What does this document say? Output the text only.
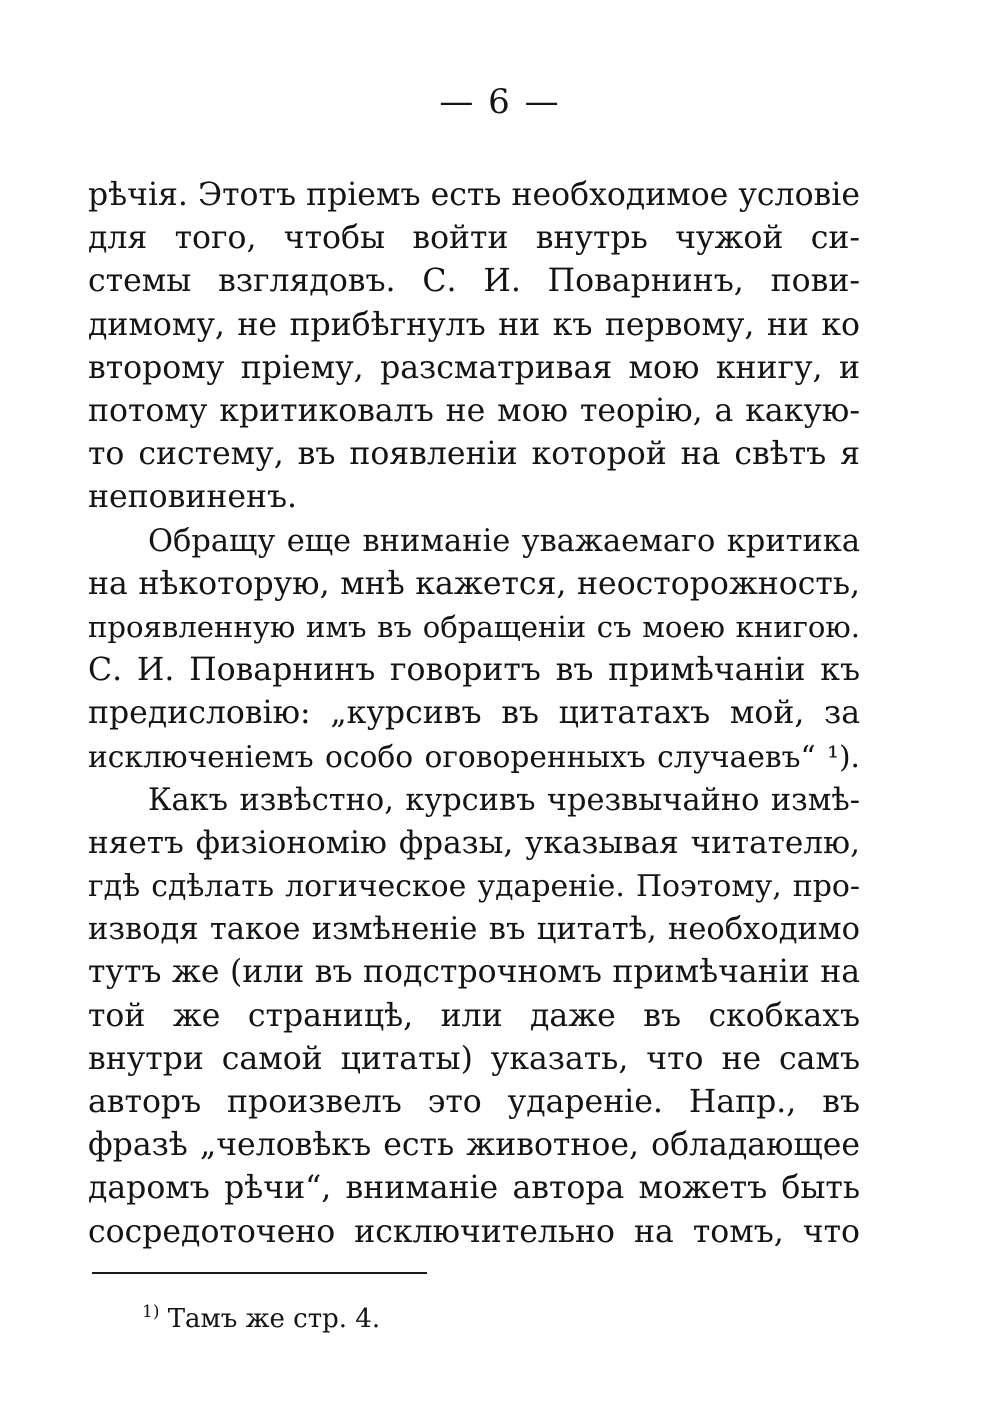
— 6 —
рѣчія. Этотъ пріемъ есть необходимое условіе
для того, чтобы войти внутрь чужой си-
стемы взглядовъ. С. И. Поварнинъ, пови-
димому, не прибѣгнулъ ни къ первому, ни ко
второму пріему, разсматривая мою книгу, и
потому критиковалъ не мою теорію, а какую-
то систему, въ появленіи которой на свѣтъ я
неповиненъ.
Обращу еще вниманіе уважаемаго критика
на нѣкоторую, мнѣ кажется, неосторожность,
проявленную имъ въ обращеніи съ моею книгою.
С. И. Поварнинъ говоритъ въ примѣчаніи къ
предисловію: „курсивъ въ цитатахъ мой, за
исключеніемъ особо оговоренныхъ случаевъ“ ¹).
Какъ извѣстно, курсивъ чрезвычайно измѣ-
няетъ физіономію фразы, указывая читателю,
гдѣ сдѣлать логическое удареніе. Поэтому, про-
изводя такое измѣненіе въ цитатѣ, необходимо
тутъ же (или въ подстрочномъ примѣчаніи на
той же страницѣ, или даже въ скобкахъ
внутри самой цитаты) указать, что не самъ
авторъ произвелъ это удареніе. Напр., въ
фразѣ „человѣкъ есть животное, обладающее
даромъ рѣчи“, вниманіе автора можетъ быть
сосредоточено исключительно на томъ, что
$^{1)}$ Тамъ же стр. 4.
